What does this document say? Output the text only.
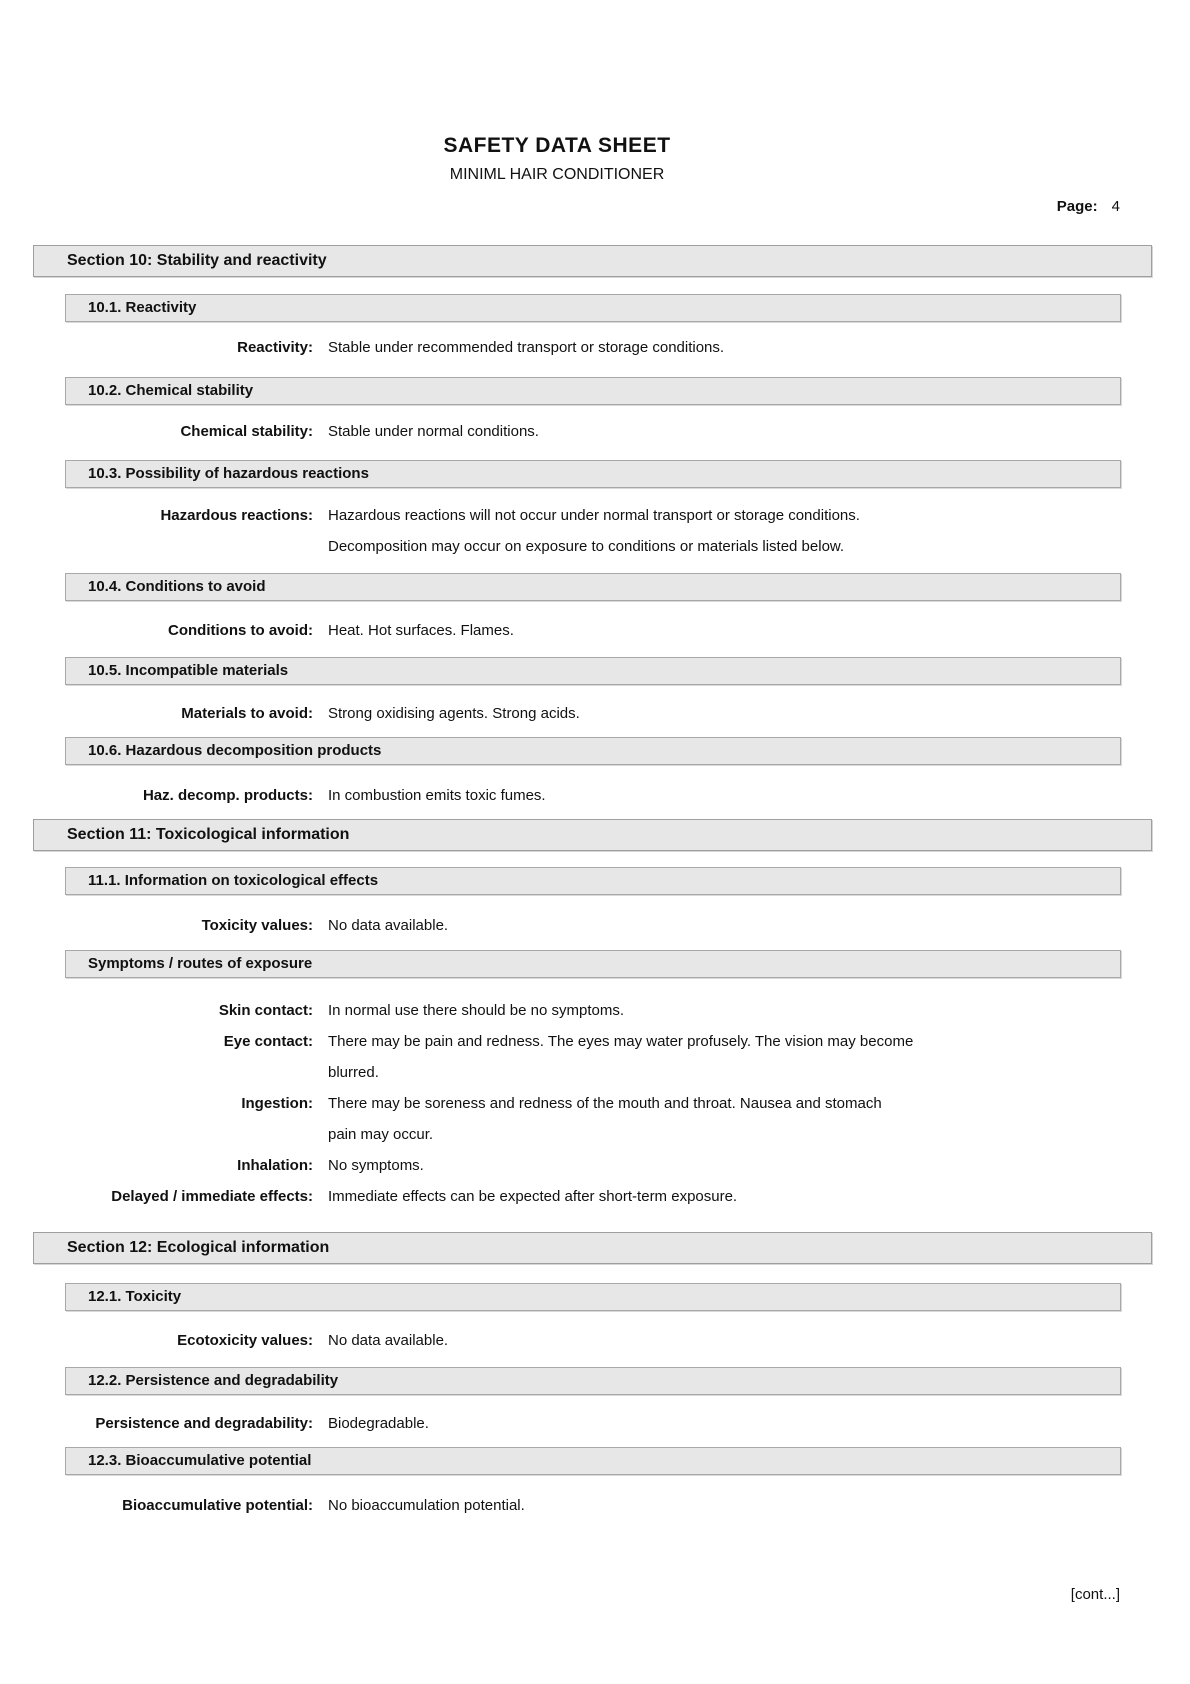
SAFETY DATA SHEET
MINIML HAIR CONDITIONER
Page: 4
Section 10: Stability and reactivity
10.1. Reactivity
Reactivity: Stable under recommended transport or storage conditions.
10.2. Chemical stability
Chemical stability: Stable under normal conditions.
10.3. Possibility of hazardous reactions
Hazardous reactions: Hazardous reactions will not occur under normal transport or storage conditions.
Decomposition may occur on exposure to conditions or materials listed below.
10.4. Conditions to avoid
Conditions to avoid: Heat. Hot surfaces. Flames.
10.5. Incompatible materials
Materials to avoid: Strong oxidising agents. Strong acids.
10.6. Hazardous decomposition products
Haz. decomp. products: In combustion emits toxic fumes.
Section 11: Toxicological information
11.1. Information on toxicological effects
Toxicity values: No data available.
Symptoms / routes of exposure
Skin contact: In normal use there should be no symptoms.
Eye contact: There may be pain and redness. The eyes may water profusely. The vision may become
blurred.
Ingestion: There may be soreness and redness of the mouth and throat. Nausea and stomach
pain may occur.
Inhalation: No symptoms.
Delayed / immediate effects: Immediate effects can be expected after short-term exposure.
Section 12: Ecological information
12.1. Toxicity
Ecotoxicity values: No data available.
12.2. Persistence and degradability
Persistence and degradability: Biodegradable.
12.3. Bioaccumulative potential
Bioaccumulative potential: No bioaccumulation potential.
[cont...]
